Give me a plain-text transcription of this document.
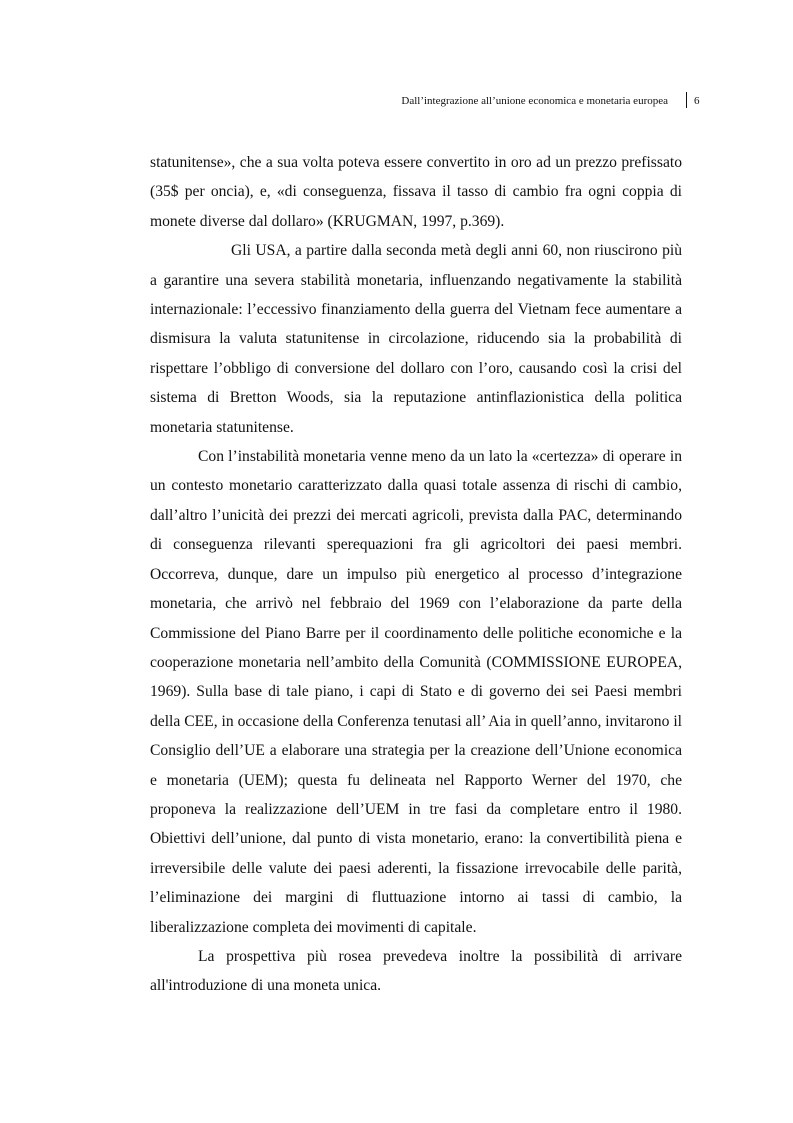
Dall’integrazione all’unione economica e monetaria europea	6

statunitense», che a sua volta poteva essere convertito in oro ad un prezzo prefissato (35$ per oncia), e, «di conseguenza, fissava il tasso di cambio fra ogni coppia di monete diverse dal dollaro» (KRUGMAN, 1997, p.369).

Gli USA, a partire dalla seconda metà degli anni 60, non riuscirono più a garantire una severa stabilità monetaria, influenzando negativamente la stabilità internazionale: l’eccessivo finanziamento della guerra del Vietnam fece aumentare a dismisura la valuta statunitense in circolazione, riducendo sia la probabilità di rispettare l’obbligo di conversione del dollaro con l’oro, causando così la crisi del sistema di Bretton Woods, sia la reputazione antinflazionistica della politica monetaria statunitense.

Con l’instabilità monetaria venne meno da un lato la «certezza» di operare in un contesto monetario caratterizzato dalla quasi totale assenza di rischi di cambio, dall’altro l’unicità dei prezzi dei mercati agricoli, prevista dalla PAC, determinando di conseguenza rilevanti sperequazioni fra gli agricoltori dei paesi membri. Occorreva, dunque, dare un impulso più energetico al processo d’integrazione monetaria, che arrivò nel febbraio del 1969 con l’elaborazione da parte della Commissione del Piano Barre per il coordinamento delle politiche economiche e la cooperazione monetaria nell’ambito della Comunità (COMMISSIONE EUROPEA, 1969). Sulla base di tale piano, i capi di Stato e di governo dei sei Paesi membri della CEE, in occasione della Conferenza tenutasi all’ Aia in quell’anno, invitarono il Consiglio dell’UE a elaborare una strategia per la creazione dell’Unione economica e monetaria (UEM); questa fu delineata nel Rapporto Werner del 1970, che proponeva la realizzazione dell’UEM in tre fasi da completare entro il 1980. Obiettivi dell’unione, dal punto di vista monetario, erano: la convertibilità piena e irreversibile delle valute dei paesi aderenti, la fissazione irrevocabile delle parità, l’eliminazione dei margini di fluttuazione intorno ai tassi di cambio, la liberalizzazione completa dei movimenti di capitale.

La prospettiva più rosea prevedeva inoltre la possibilità di arrivare all'introduzione di una moneta unica.
